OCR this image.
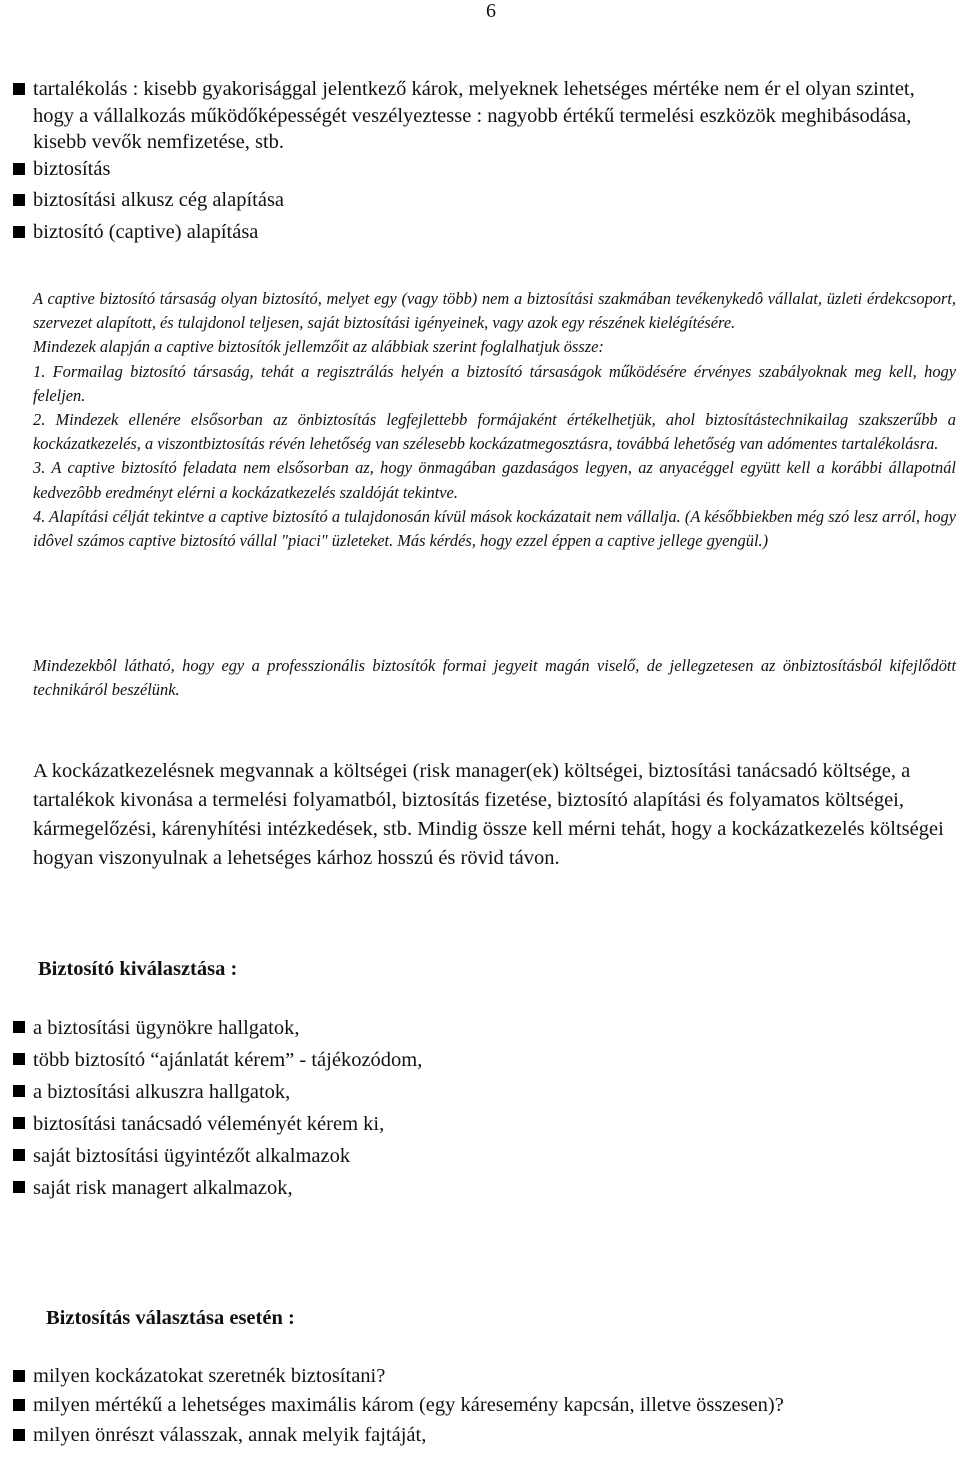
6
tartalékolás : kisebb gyakorisággal jelentkező károk, melyeknek lehetséges mértéke nem ér el olyan szintet, hogy a vállalkozás működőképességét veszélyeztesse : nagyobb értékű termelési eszközök meghibásodása, kisebb vevők nemfizetése, stb.
biztosítás
biztosítási alkusz cég alapítása
biztosító (captive) alapítása

A captive biztosító társaság olyan biztosító, melyet egy (vagy több) nem a biztosítási szakmában tevékenykedô vállalat, üzleti érdekcsoport, szervezet alapított, és tulajdonol teljesen, saját biztosítási igényeinek, vagy azok egy részének kielégítésére.

Mindezek alapján a captive biztosítók jellemzőit az alábbiak szerint foglalhatjuk össze:

1. Formailag biztosító társaság, tehát a regisztrálás helyén a biztosító társaságok működésére érvényes szabályoknak meg kell, hogy feleljen.

2. Mindezek ellenére elsősorban az önbiztosítás legfejlettebb formájaként értékelhetjük, ahol biztosítástechnikailag szakszerűbb a kockázatkezelés, a viszontbiztosítás révén lehetőség van szélesebb kockázatmegosztásra, továbbá lehetőség van adómentes tartalékolásra.

3. A captive biztosító feladata nem elsősorban az, hogy önmagában gazdaságos legyen, az anyacéggel együtt kell a korábbi állapotnál kedvezôbb eredményt elérni a kockázatkezelés szaldóját tekintve.

4. Alapítási célját tekintve a captive biztosító a tulajdonosán kívül mások kockázatait nem vállalja. (A későbbiekben még szó lesz arról, hogy idôvel számos captive biztosító vállal "piaci" üzleteket. Más kérdés, hogy ezzel éppen a captive jellege gyengül.)

Mindezekbôl látható, hogy egy a professzionális biztosítók formai jegyeit magán viselő, de jellegzetesen az önbiztosításból kifejlődött technikáról beszélünk.

A kockázatkezelésnek megvannak a költségei (risk manager(ek) költségei, biztosítási tanácsadó költsége, a tartalékok kivonása a termelési folyamatból, biztosítás fizetése, biztosító alapítási és folyamatos költségei, kármegelőzési, kárenyhítési intézkedések, stb. Mindig össze kell mérni tehát, hogy a kockázatkezelés költségei hogyan viszonyulnak a lehetséges kárhoz hosszú és rövid távon.

Biztosító kiválasztása :
a biztosítási ügynökre hallgatok,
több biztosító “ajánlatát kérem” - tájékozódom,
a biztosítási alkuszra hallgatok,
biztosítási tanácsadó véleményét kérem ki,
saját biztosítási ügyintézőt alkalmazok
saját risk managert alkalmazok,
Biztosítás választása esetén :
milyen kockázatokat szeretnék biztosítani?
milyen mértékű a lehetséges maximális károm (egy káresemény kapcsán, illetve összesen)?
milyen önrészt válasszak, annak melyik fajtáját,
